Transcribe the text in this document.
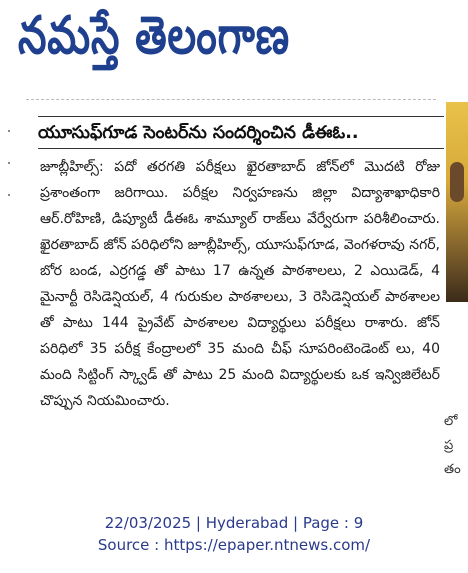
నమస్తే తెలంగాణ
యూసుఫ్‌గూడ సెంటర్‌ను సందర్శించిన డీఈఓ..

జూబ్లీహిల్స్: పదో తరగతి పరీక్షలు ఖైరతాబాద్ జోన్‌లో మొదటి రోజు ప్రశాంతంగా జరిగాయి. పరీక్షల నిర్వహణను జిల్లా విద్యాశాఖాధికారి ఆర్.రోహిణి, డిప్యూటీ డీఈఓ శామ్యూల్ రాజ్‌లు వేర్వేరుగా పరిశీలించారు. ఖైరతాబాద్ జోన్ పరిధిలోని జూబ్లీహిల్స్, యూసుఫ్‌గూడ, వెంగళరావు నగర్, బోర బండ, ఎర్రగడ్డ తో పాటు 17 ఉన్నత పాఠశాలలు, 2 ఎయిడెడ్, 4 మైనార్టీ రెసిడెన్షియల్, 4 గురుకుల పాఠశాలలు, 3 రెసిడెన్షియల్ పాఠశాలల తో పాటు 144 ప్రైవేట్ పాఠశాలల విద్యార్థులు పరీక్షలు రాశారు. జోన్ పరిధిలో 35 పరీక్ష కేంద్రాలలో 35 మంది చీఫ్ సూపరింటెండెంట్ లు, 40 మంది సిట్టింగ్ స్క్వాడ్ తో పాటు 25 మంది విద్యార్థులకు ఒక ఇన్విజిలేటర్ చొప్పున నియమించారు.

లో ప్ర తం
22/03/2025 | Hyderabad | Page : 9
Source : https://epaper.ntnews.com/
